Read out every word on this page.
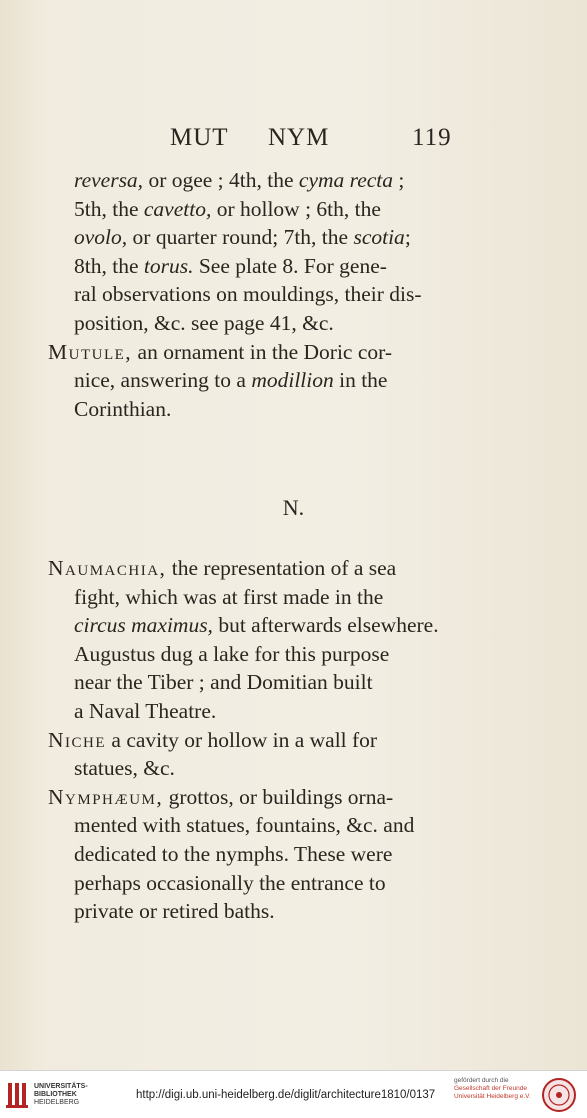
MUT NYM	119
reversa, or ogee ; 4th, the cyma recta ;
5th, the cavetto, or hollow ; 6th, the
ovolo, or quarter round; 7th, the scotia;
8th, the torus. See plate 8. For gene-
ral observations on mouldings, their dis-
position, &c. see page 41, &c.
Mutule, an ornament in the Doric cor-
nice, answering to a modillion in the
Corinthian.
N.
Naumachia, the representation of a sea
fight, which was at first made in the
circus maximus, but afterwards elsewhere.
Augustus dug a lake for this purpose
near the Tiber ; and Domitian built
a Naval Theatre.
Niche a cavity or hollow in a wall for
statues, &c.
Nymphæum, grottos, or buildings orna-
mented with statues, fountains, &c. and
dedicated to the nymphs. These were
perhaps occasionally the entrance to
private or retired baths.
UNIVERSITÄTS-
BIBLIOTHEK
HEIDELBERG
http://digi.ub.uni-heidelberg.de/diglit/architecture1810/0137
gefördert durch die
Gesellschaft der Freunde
Universität Heidelberg e.V.
